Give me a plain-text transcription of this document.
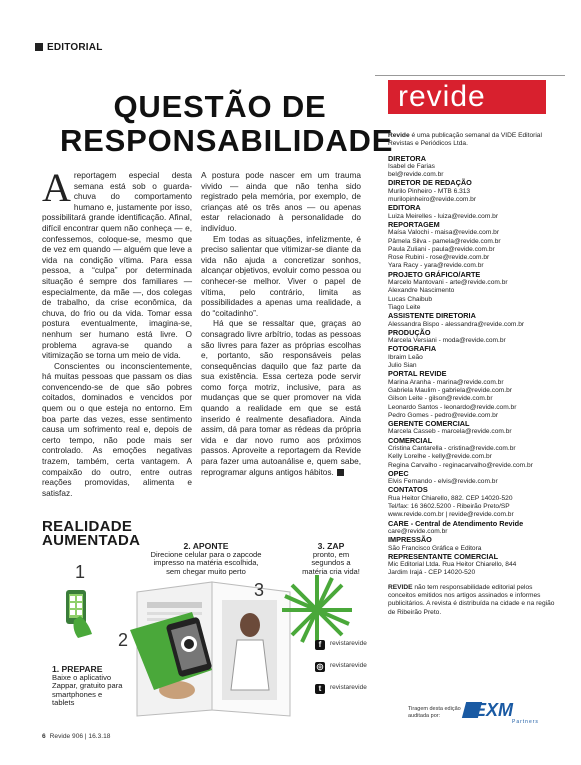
EDITORIAL
QUESTÃO DE RESPONSABILIDADE

Areportagem especial desta semana está sob o guarda-chuva do comportamento humano e, justamente por isso, possibilitará grande identificação. Afinal, difícil encontrar quem não conheça — e, confessemos, coloque-se, mesmo que de vez em quando — alguém que leve a vida na condição vítima. Para essa pessoa, a “culpa” por determinada situação é sempre dos familiares — especialmente, da mãe —, dos colegas de trabalho, da crise econômica, da chuva, do frio ou da vida. Tomar essa postura eventualmente, imagina-se, nenhum ser humano está livre. O problema agrava-se quando a vitimização se torna um meio de vida.

Conscientes ou inconscientemente, há muitas pessoas que passam os dias convencendo-se de que são pobres coitados, dominados e vencidos por quem ou o que esteja no entorno. Em boa parte das vezes, esse sentimento causa um sofrimento real e, depois de certo tempo, não pode mais ser controlado. As emoções negativas trazem, também, certa vantagem. A compaixão do outro, entre outras reações promovidas, alimenta e satisfaz.

A postura pode nascer em um trauma vivido — ainda que não tenha sido registrado pela memória, por exemplo, de crianças até os três anos — ou apenas estar relacionado à personalidade do indivíduo.

Em todas as situações, infelizmente, é preciso salientar que vitimizar-se diante da vida não ajuda a concretizar sonhos, alcançar objetivos, evoluir como pessoa ou conhecer-se melhor. Viver o papel de vítima, pelo contrário, limita as possibilidades a apenas uma realidade, a do “coitadinho”.

Há que se ressaltar que, graças ao consagrado livre arbítrio, todas as pessoas são livres para fazer as próprias escolhas e, portanto, são responsáveis pelas consequências daquilo que faz parte da sua existência. Essa certeza pode servir como força motriz, inclusive, para as mudanças que se quer promover na vida quando a realidade em que se está inserido é realmente desafiadora. Ainda assim, dá para tomar as rédeas da própria vida e dar novo rumo aos próximos passos. Aproveite a reportagem da Revide para fazer uma autoanálise e, quem sabe, reprogramar alguns antigos hábitos.

REALIDADE
AUMENTADA
1
2
3
1. PREPARE
Baixe o aplicativo Zappar, gratuito para smartphones e tablets
2. APONTE
Direcione celular para o zapcode impresso na matéria escolhida, sem chegar muito perto
3. ZAP
pronto, em segundos a matéria cria vida!
f revistarevide
◎ revistarevide
t revistarevide
revide
Revide é uma publicação semanal da VIDE Editorial Revistas e Periódicos Ltda.
DIRETORA
Isabel de Farias
bel@revide.com.br
DIRETOR DE REDAÇÃO
Murilo Pinheiro - MTB 6.313
murilopinheiro@revide.com.br
EDITORA
Luiza Meirelles - luiza@revide.com.br
REPORTAGEM
Maísa Valochi - maisa@revide.com.br
Pâmela Silva - pamela@revide.com.br
Paula Zuliani - paula@revide.com.br
Rose Rubini - rose@revide.com.br
Yara Racy - yara@revide.com.br
PROJETO GRÁFICO/ARTE
Marcelo Mantovani - arte@revide.com.br
Alexandre Nascimento
Lucas Chaibub
Tiago Leite
ASSISTENTE DIRETORIA
Alessandra Bispo - alessandra@revide.com.br
PRODUÇÃO
Marcela Versiani - moda@revide.com.br
FOTOGRAFIA
Ibraim Leão
Julio Sian
PORTAL REVIDE
Marina Aranha - marina@revide.com.br
Gabriela Maulim - gabriela@revide.com.br
Gilson Leite - gilson@revide.com.br
Leonardo Santos - leonardo@revide.com.br
Pedro Gomes - pedro@revide.com.br
GERENTE COMERCIAL
Marcela Casseb - marcela@revide.com.br
COMERCIAL
Cristina Cantarella - cristina@revide.com.br
Kelly Lorelhe - kelly@revide.com.br
Regina Carvalho - reginacarvalho@revide.com.br
OPEC
Elvis Fernando - elvis@revide.com.br
CONTATOS
Rua Heitor Chiarello, 882. CEP 14020-520
Tel/fax: 16 3602.5200 - Ribeirão Preto/SP
www.revide.com.br | revide@revide.com.br
CARE - Central de Atendimento Revide
care@revide.com.br
IMPRESSÃO
São Francisco Gráfica e Editora
REPRESENTANTE COMERCIAL
Mic Editorial Ltda. Rua Heitor Chiarello, 844
Jardim Irajá - CEP 14020-520
REVIDE não tem responsabilidade editorial pelos conceitos emitidos nos artigos assinados e informes publicitários. A revista é distribuída na cidade e na região de Ribeirão Preto.
Tiragem desta edição auditada por:	EXM
Partners
6 Revide 906 | 16.3.18
